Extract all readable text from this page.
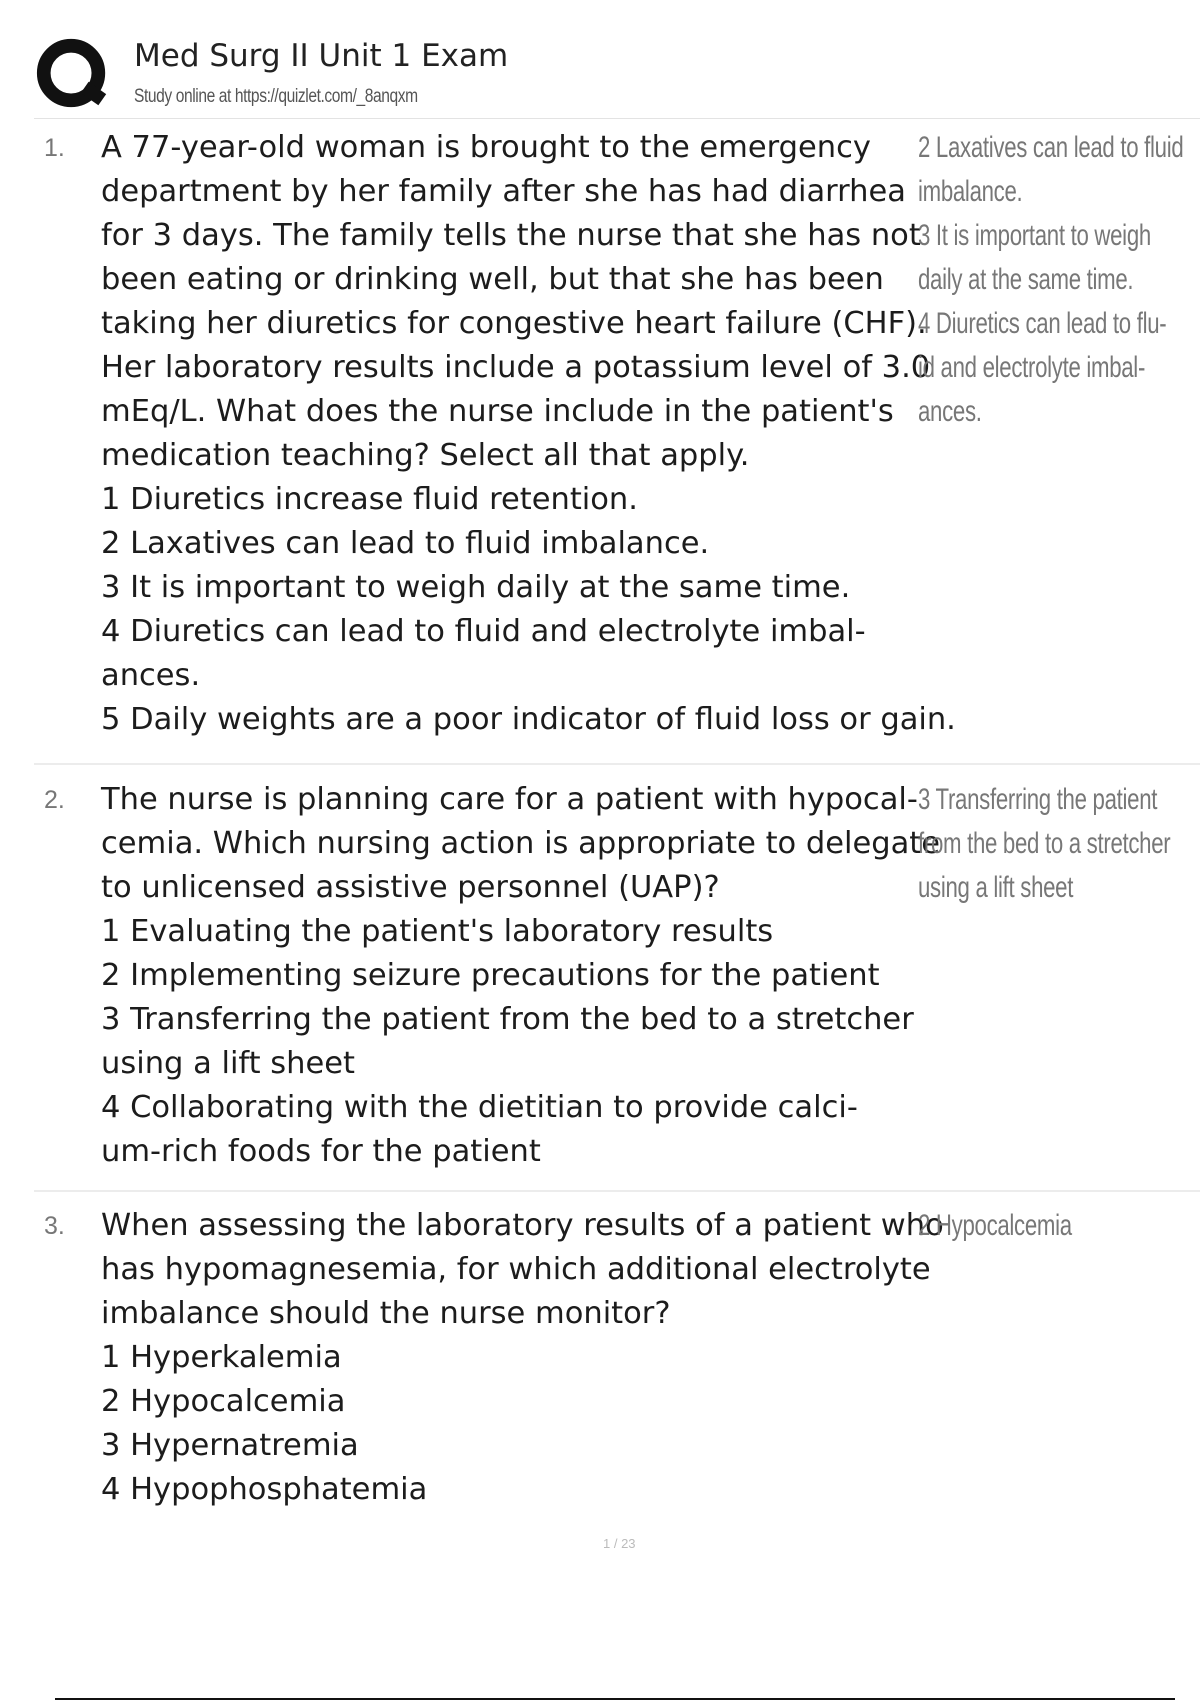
Med Surg II Unit 1 Exam
Study online at https://quizlet.com/_8anqxm
1. A 77-year-old woman is brought to the emergency
department by her family after she has had diarrhea
for 3 days. The family tells the nurse that she has not
been eating or drinking well, but that she has been
taking her diuretics for congestive heart failure (CHF).
Her laboratory results include a potassium level of 3.0
mEq/L. What does the nurse include in the patient's
medication teaching? Select all that apply.
1 Diuretics increase fluid retention.
2 Laxatives can lead to fluid imbalance.
3 It is important to weigh daily at the same time.
4 Diuretics can lead to fluid and electrolyte imbal-
ances.
5 Daily weights are a poor indicator of fluid loss or gain.
2 Laxatives can lead to fluid
imbalance.
3 It is important to weigh
daily at the same time.
4 Diuretics can lead to flu-
id and electrolyte imbal-
ances.
2. The nurse is planning care for a patient with hypocal-
cemia. Which nursing action is appropriate to delegate
to unlicensed assistive personnel (UAP)?
1 Evaluating the patient's laboratory results
2 Implementing seizure precautions for the patient
3 Transferring the patient from the bed to a stretcher
using a lift sheet
4 Collaborating with the dietitian to provide calci-
um-rich foods for the patient
3 Transferring the patient
from the bed to a stretcher
using a lift sheet
3. When assessing the laboratory results of a patient who
has hypomagnesemia, for which additional electrolyte
imbalance should the nurse monitor?
1 Hyperkalemia
2 Hypocalcemia
3 Hypernatremia
4 Hypophosphatemia
2 Hypocalcemia
1 / 23
